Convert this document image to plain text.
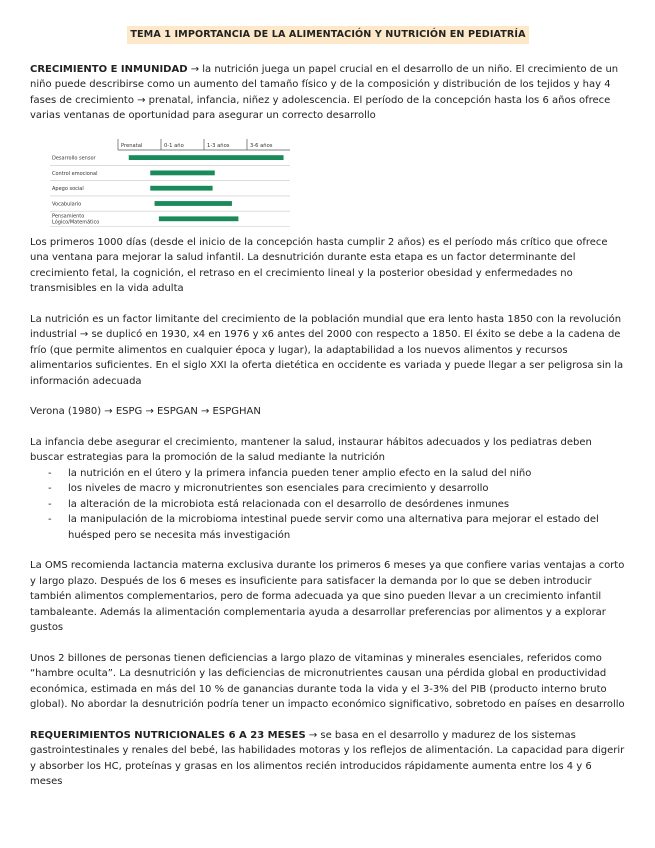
TEMA 1 IMPORTANCIA DE LA ALIMENTACIÓN Y NUTRICIÓN EN PEDIATRÍA

CRECIMIENTO E INMUNIDAD → la nutrición juega un papel crucial en el desarrollo de un niño. El crecimiento de un niño puede describirse como un aumento del tamaño físico y de la composición y distribución de los tejidos y hay 4 fases de crecimiento → prenatal, infancia, niñez y adolescencia. El período de la concepción hasta los 6 años ofrece varias ventanas de oportunidad para asegurar un correcto desarrollo

Prenatal	0-1 año	1-3 años	3-6 años
Desarrollo sensor
Control emocional
Apego social
Vocabulario
Pensamiento
Lógico/Matemático

Los primeros 1000 días (desde el inicio de la concepción hasta cumplir 2 años) es el período más crítico que ofrece una ventana para mejorar la salud infantil. La desnutrición durante esta etapa es un factor determinante del crecimiento fetal, la cognición, el retraso en el crecimiento lineal y la posterior obesidad y enfermedades no transmisibles en la vida adulta

La nutrición es un factor limitante del crecimiento de la población mundial que era lento hasta 1850 con la revolución industrial → se duplicó en 1930, x4 en 1976 y x6 antes del 2000 con respecto a 1850. El éxito se debe a la cadena de frío (que permite alimentos en cualquier época y lugar), la adaptabilidad a los nuevos alimentos y recursos alimentarios suficientes. En el siglo XXI la oferta dietética en occidente es variada y puede llegar a ser peligrosa sin la información adecuada

Verona (1980) → ESPG → ESPGAN → ESPGHAN

La infancia debe asegurar el crecimiento, mantener la salud, instaurar hábitos adecuados y los pediatras deben buscar estrategias para la promoción de la salud mediante la nutrición

- la nutrición en el útero y la primera infancia pueden tener amplio efecto en la salud del niño
- los niveles de macro y micronutrientes son esenciales para crecimiento y desarrollo
- la alteración de la microbiota está relacionada con el desarrollo de desórdenes inmunes
- la manipulación de la microbioma intestinal puede servir como una alternativa para mejorar el estado del huésped pero se necesita más investigación

La OMS recomienda lactancia materna exclusiva durante los primeros 6 meses ya que confiere varias ventajas a corto y largo plazo. Después de los 6 meses es insuficiente para satisfacer la demanda por lo que se deben introducir también alimentos complementarios, pero de forma adecuada ya que sino pueden llevar a un crecimiento infantil tambaleante. Además la alimentación complementaria ayuda a desarrollar preferencias por alimentos y a explorar gustos

Unos 2 billones de personas tienen deficiencias a largo plazo de vitaminas y minerales esenciales, referidos como “hambre oculta”. La desnutrición y las deficiencias de micronutrientes causan una pérdida global en productividad económica, estimada en más del 10 % de ganancias durante toda la vida y el 3-3% del PIB (producto interno bruto global). No abordar la desnutrición podría tener un impacto económico significativo, sobretodo en países en desarrollo

REQUERIMIENTOS NUTRICIONALES 6 A 23 MESES → se basa en el desarrollo y madurez de los sistemas gastrointestinales y renales del bebé, las habilidades motoras y los reflejos de alimentación. La capacidad para digerir y absorber los HC, proteínas y grasas en los alimentos recién introducidos rápidamente aumenta entre los 4 y 6 meses
